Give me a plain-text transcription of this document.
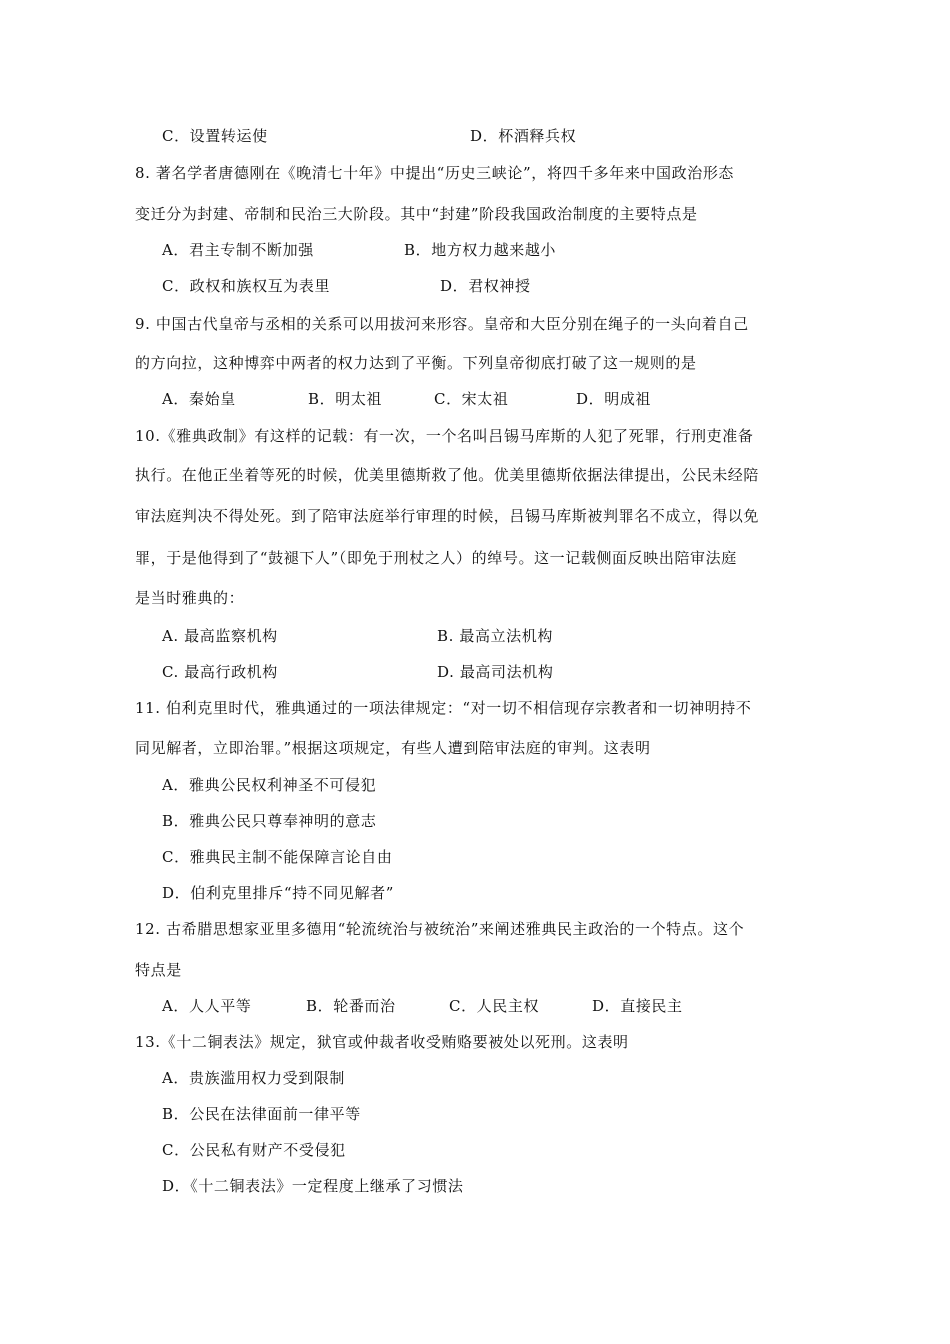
C．设置转运使	D．杯酒释兵权
8. 著名学者唐德刚在《晚清七十年》中提出“历史三峡论”，将四千多年来中国政治形态
变迁分为封建、帝制和民治三大阶段。其中“封建”阶段我国政治制度的主要特点是
A．君主专制不断加强	B．地方权力越来越小
C．政权和族权互为表里	D．君权神授
9. 中国古代皇帝与丞相的关系可以用拔河来形容。皇帝和大臣分别在绳子的一头向着自己
的方向拉，这种博弈中两者的权力达到了平衡。下列皇帝彻底打破了这一规则的是
A．秦始皇	B．明太祖	C．宋太祖	D．明成祖
10.《雅典政制》有这样的记载：有一次，一个名叫吕锡马库斯的人犯了死罪，行刑吏准备
执行。在他正坐着等死的时候，优美里德斯救了他。优美里德斯依据法律提出，公民未经陪
审法庭判决不得处死。到了陪审法庭举行审理的时候，吕锡马库斯被判罪名不成立，得以免
罪，于是他得到了“鼓褪下人”（即免于刑杖之人）的绰号。这一记载侧面反映出陪审法庭
是当时雅典的：
A. 最高监察机构	B. 最高立法机构
C. 最高行政机构	D. 最高司法机构
11. 伯利克里时代，雅典通过的一项法律规定：“对一切不相信现存宗教者和一切神明持不
同见解者，立即治罪。”根据这项规定，有些人遭到陪审法庭的审判。这表明
A．雅典公民权利神圣不可侵犯
B．雅典公民只尊奉神明的意志
C．雅典民主制不能保障言论自由
D．伯利克里排斥“持不同见解者”
12. 古希腊思想家亚里多德用“轮流统治与被统治”来阐述雅典民主政治的一个特点。这个
特点是
A．人人平等	B．轮番而治	C．人民主权	D．直接民主
13.《十二铜表法》规定，狱官或仲裁者收受贿赂要被处以死刑。这表明
A．贵族滥用权力受到限制
B．公民在法律面前一律平等
C．公民私有财产不受侵犯
D．《十二铜表法》一定程度上继承了习惯法
